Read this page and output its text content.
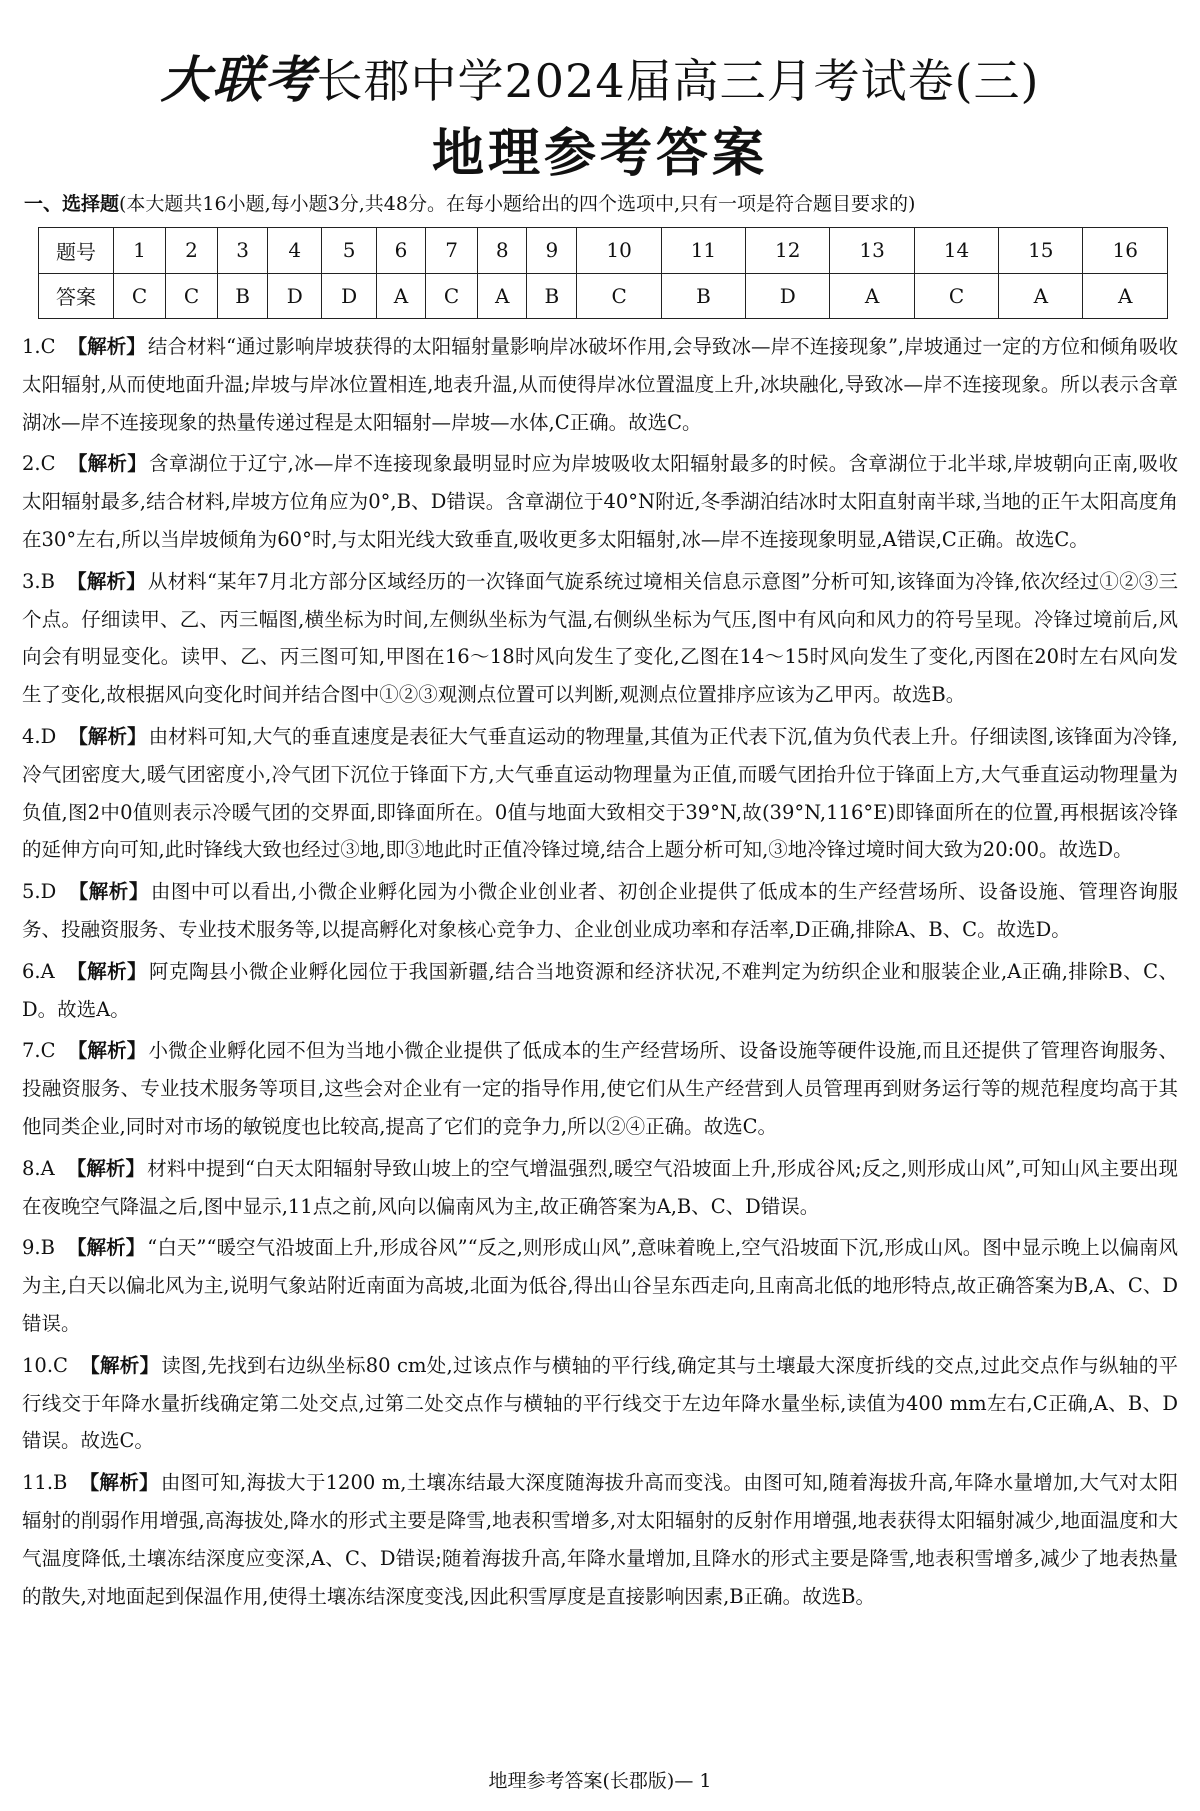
大联考长郡中学2024届高三月考试卷(三)
地理参考答案
一、选择题(本大题共16小题,每小题3分,共48分。在每小题给出的四个选项中,只有一项是符合题目要求的)
题号	1	2	3	4	5	6	7	8	9	10	11	12	13	14	15	16
答案	C	C	B	D	D	A	C	A	B	C	B	D	A	C	A	A
1.C 【解析】 结合材料“通过影响岸坡获得的太阳辐射量影响岸冰破坏作用,会导致冰—岸不连接现象”,岸坡通过一定的方位和倾角吸收太阳辐射,从而使地面升温;岸坡与岸冰位置相连,地表升温,从而使得岸冰位置温度上升,冰块融化,导致冰—岸不连接现象。所以表示含章湖冰—岸不连接现象的热量传递过程是太阳辐射—岸坡—水体,C正确。故选C。
2.C 【解析】 含章湖位于辽宁,冰—岸不连接现象最明显时应为岸坡吸收太阳辐射最多的时候。含章湖位于北半球,岸坡朝向正南,吸收太阳辐射最多,结合材料,岸坡方位角应为0°,B、D错误。含章湖位于40°N附近,冬季湖泊结冰时太阳直射南半球,当地的正午太阳高度角在30°左右,所以当岸坡倾角为60°时,与太阳光线大致垂直,吸收更多太阳辐射,冰—岸不连接现象明显,A错误,C正确。故选C。
3.B 【解析】 从材料“某年7月北方部分区域经历的一次锋面气旋系统过境相关信息示意图”分析可知,该锋面为冷锋,依次经过①②③三个点。仔细读甲、乙、丙三幅图,横坐标为时间,左侧纵坐标为气温,右侧纵坐标为气压,图中有风向和风力的符号呈现。冷锋过境前后,风向会有明显变化。读甲、乙、丙三图可知,甲图在16～18时风向发生了变化,乙图在14～15时风向发生了变化,丙图在20时左右风向发生了变化,故根据风向变化时间并结合图中①②③观测点位置可以判断,观测点位置排序应该为乙甲丙。故选B。
4.D 【解析】 由材料可知,大气的垂直速度是表征大气垂直运动的物理量,其值为正代表下沉,值为负代表上升。仔细读图,该锋面为冷锋,冷气团密度大,暖气团密度小,冷气团下沉位于锋面下方,大气垂直运动物理量为正值,而暖气团抬升位于锋面上方,大气垂直运动物理量为负值,图2中0值则表示冷暖气团的交界面,即锋面所在。0值与地面大致相交于39°N,故(39°N,116°E)即锋面所在的位置,再根据该冷锋的延伸方向可知,此时锋线大致也经过③地,即③地此时正值冷锋过境,结合上题分析可知,③地冷锋过境时间大致为20:00。故选D。
5.D 【解析】 由图中可以看出,小微企业孵化园为小微企业创业者、初创企业提供了低成本的生产经营场所、设备设施、管理咨询服务、投融资服务、专业技术服务等,以提高孵化对象核心竞争力、企业创业成功率和存活率,D正确,排除A、B、C。故选D。
6.A 【解析】 阿克陶县小微企业孵化园位于我国新疆,结合当地资源和经济状况,不难判定为纺织企业和服装企业,A正确,排除B、C、D。故选A。
7.C 【解析】 小微企业孵化园不但为当地小微企业提供了低成本的生产经营场所、设备设施等硬件设施,而且还提供了管理咨询服务、投融资服务、专业技术服务等项目,这些会对企业有一定的指导作用,使它们从生产经营到人员管理再到财务运行等的规范程度均高于其他同类企业,同时对市场的敏锐度也比较高,提高了它们的竞争力,所以②④正确。故选C。
8.A 【解析】 材料中提到“白天太阳辐射导致山坡上的空气增温强烈,暖空气沿坡面上升,形成谷风;反之,则形成山风”,可知山风主要出现在夜晚空气降温之后,图中显示,11点之前,风向以偏南风为主,故正确答案为A,B、C、D错误。
9.B 【解析】 “白天”“暖空气沿坡面上升,形成谷风”“反之,则形成山风”,意味着晚上,空气沿坡面下沉,形成山风。图中显示晚上以偏南风为主,白天以偏北风为主,说明气象站附近南面为高坡,北面为低谷,得出山谷呈东西走向,且南高北低的地形特点,故正确答案为B,A、C、D错误。
10.C 【解析】 读图,先找到右边纵坐标80 cm处,过该点作与横轴的平行线,确定其与土壤最大深度折线的交点,过此交点作与纵轴的平行线交于年降水量折线确定第二处交点,过第二处交点作与横轴的平行线交于左边年降水量坐标,读值为400 mm左右,C正确,A、B、D错误。故选C。
11.B 【解析】 由图可知,海拔大于1200 m,土壤冻结最大深度随海拔升高而变浅。由图可知,随着海拔升高,年降水量增加,大气对太阳辐射的削弱作用增强,高海拔处,降水的形式主要是降雪,地表积雪增多,对太阳辐射的反射作用增强,地表获得太阳辐射减少,地面温度和大气温度降低,土壤冻结深度应变深,A、C、D错误;随着海拔升高,年降水量增加,且降水的形式主要是降雪,地表积雪增多,减少了地表热量的散失,对地面起到保温作用,使得土壤冻结深度变浅,因此积雪厚度是直接影响因素,B正确。故选B。
地理参考答案(长郡版)— 1
